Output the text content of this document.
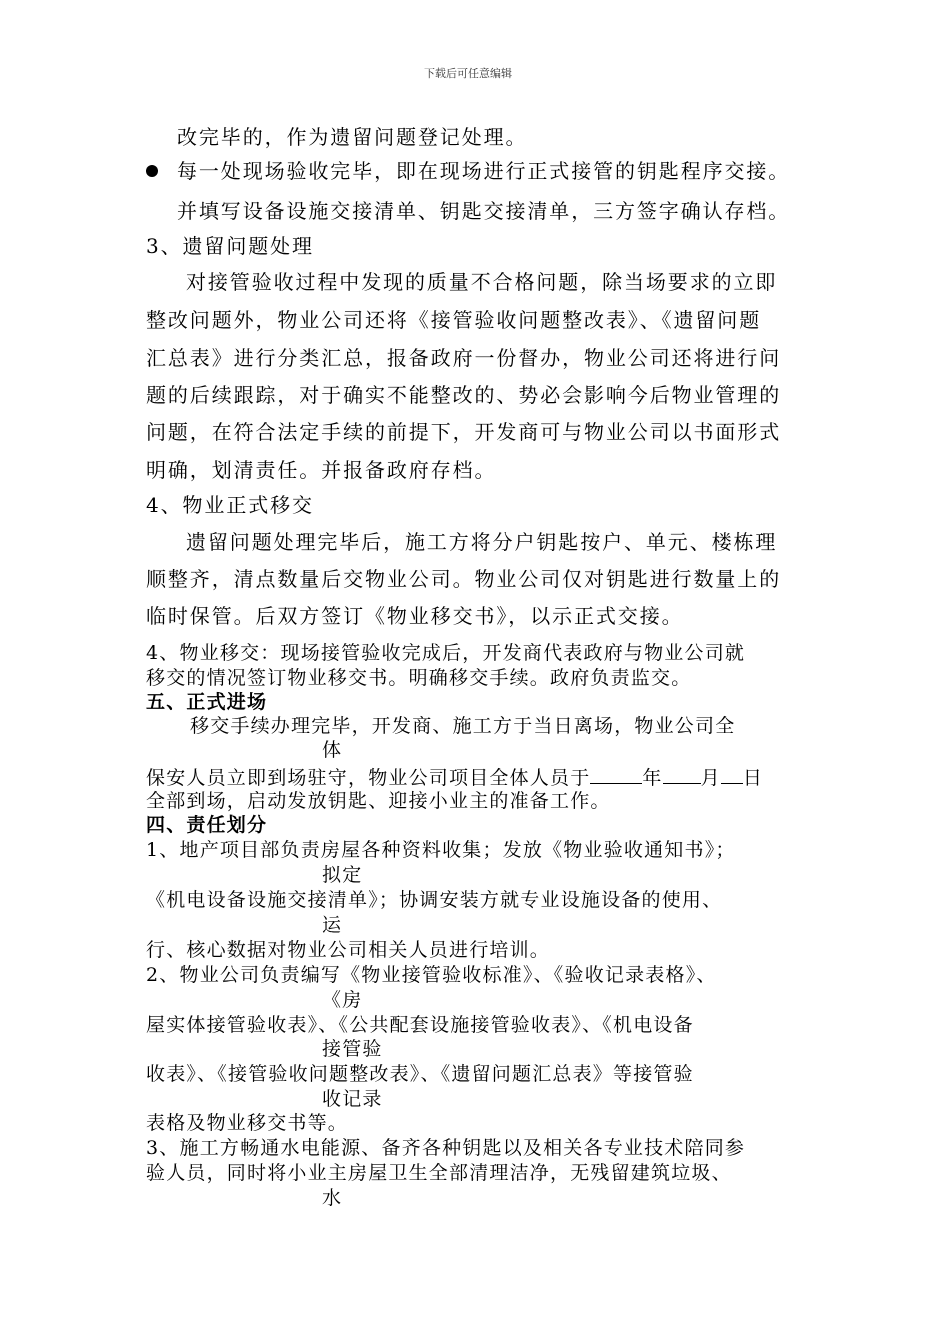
下载后可任意编辑
改完毕的，作为遗留问题登记处理。
每一处现场验收完毕，即在现场进行正式接管的钥匙程序交接。
并填写设备设施交接清单、钥匙交接清单，三方签字确认存档。
3、遗留问题处理
对接管验收过程中发现的质量不合格问题，除当场要求的立即
整改问题外，物业公司还将《接管验收问题整改表》、《遗留问题
汇总表》进行分类汇总，报备政府一份督办，物业公司还将进行问
题的后续跟踪，对于确实不能整改的、势必会影响今后物业管理的
问题，在符合法定手续的前提下，开发商可与物业公司以书面形式
明确，划清责任。并报备政府存档。
4、物业正式移交
遗留问题处理完毕后，施工方将分户钥匙按户、单元、楼栋理
顺整齐，清点数量后交物业公司。物业公司仅对钥匙进行数量上的
临时保管。后双方签订《物业移交书》，以示正式交接。
4、物业移交：现场接管验收完成后，开发商代表政府与物业公司就
移交的情况签订物业移交书。明确移交手续。政府负责监交。
五、正式进场
移交手续办理完毕，开发商、施工方于当日离场，物业公司全
体
保安人员立即到场驻守，物业公司项目全体人员于	年 月 日
全部到场，启动发放钥匙、迎接小业主的准备工作。
四、责任划分
1、地产项目部负责房屋各种资料收集；发放《物业验收通知书》；
拟定
《机电设备设施交接清单》；协调安装方就专业设施设备的使用、
运
行、核心数据对物业公司相关人员进行培训。
2、物业公司负责编写《物业接管验收标准》、《验收记录表格》、
《房
屋实体接管验收表》、《公共配套设施接管验收表》、《机电设备
接管验
收表》、《接管验收问题整改表》、《遗留问题汇总表》等接管验
收记录
表格及物业移交书等。
3、施工方畅通水电能源、备齐各种钥匙以及相关各专业技术陪同参
验人员，同时将小业主房屋卫生全部清理洁净，无残留建筑垃圾、
水
